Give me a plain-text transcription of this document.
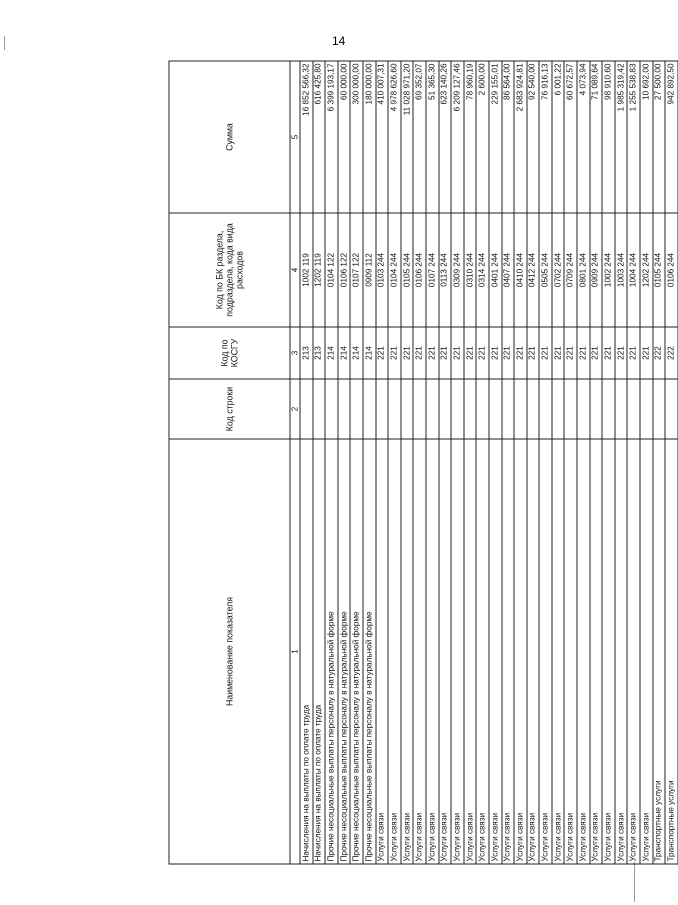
14
Наименование показателя	Код строки	Код по КОСГУ	Код по БК раздела, подраздела, кода вида расходов	Сумма
1	2	3	4	5
Начисления на выплаты по оплате труда		213	1002 119	16 852 566,32
Начисления на выплаты по оплате труда		213	1202 119	616 425,80
Прочие несоциальные выплаты персоналу в натуральной форме		214	0104 122	6 399 193,17
Прочие несоциальные выплаты персоналу в натуральной форме		214	0106 122	60 000,00
Прочие несоциальные выплаты персоналу в натуральной форме		214	0107 122	300 000,00
Прочие несоциальные выплаты персоналу в натуральной форме		214	0909 112	180 000,00
Услуги связи		221	0103 244	410 007,31
Услуги связи		221	0104 244	4 978 626,60
Услуги связи		221	0105 244	11 028 971,20
Услуги связи		221	0106 244	69 352,07
Услуги связи		221	0107 244	51 365,30
Услуги связи		221	0113 244	623 140,26
Услуги связи		221	0309 244	6 209 127,46
Услуги связи		221	0310 244	78 960,19
Услуги связи		221	0314 244	2 600,00
Услуги связи		221	0401 244	229 155,01
Услуги связи		221	0407 244	86 564,00
Услуги связи		221	0410 244	2 683 924,81
Услуги связи		221	0412 244	92 540,00
Услуги связи		221	0505 244	76 916,13
Услуги связи		221	0702 244	6 001,22
Услуги связи		221	0709 244	60 672,57
Услуги связи		221	0801 244	4 073,94
Услуги связи		221	0909 244	71 089,64
Услуги связи		221	1002 244	98 910,60
Услуги связи		221	1003 244	1 985 319,42
Услуги связи		221	1004 244	1 255 538,83
Услуги связи		221	1202 244	10 692,00
Транспортные услуги		222	0105 244	27 500,00
Транспортные услуги		222	0106 244	942 892,50
